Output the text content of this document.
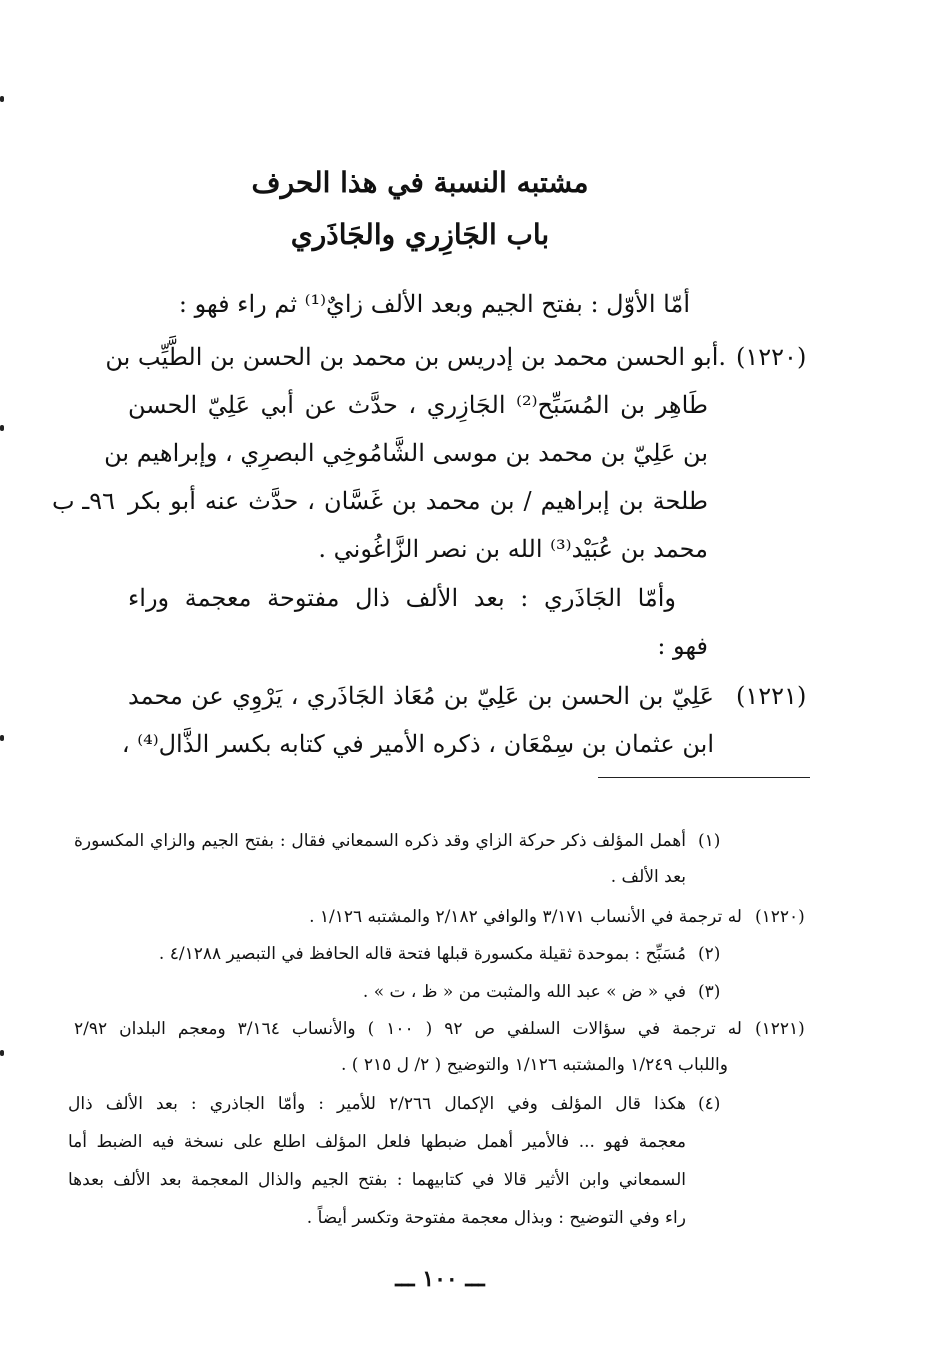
مشتبه النسبة في هذا الحرف
باب الجَازِري والجَاذَري
أمّا الأوّل : بفتح الجيم وبعد الألف زايٌ⁽¹⁾ ثم راء فهو :
(١٢٢٠)
.أبو الحسن محمد بن إدريس بن محمد بن الحسن بن الطَّيِّب بن
طَاهِر بن المُسَبِّح⁽²⁾ الجَازِري ، حدَّث عن أبي عَلِيّ الحسن
بن عَلِيّ بن محمد بن موسى الشَّامُوخِي البصرِي ، وإبراهيم بن
طلحة بن إبراهيم / بن محمد بن غَسَّان ، حدَّث عنه أبو بكر
٩٦ـ ب
محمد بن عُبَيْد⁽³⁾ الله بن نصر الزَّاغُوني .
وأمّا الجَاذَري : بعد الألف ذال مفتوحة معجمة وراء
فهو :
(١٢٢١)
عَلِيّ بن الحسن بن عَلِيّ بن مُعَاذ الجَاذَري ، يَرْوِي عن محمد
ابن عثمان بن سِمْعَان ، ذكره الأمير في كتابه بكسر الذَّال⁽⁴⁾ ،
(١)
أهمل المؤلف ذكر حركة الزاي وقد ذكره السمعاني فقال : بفتح الجيم والزاي المكسورة
بعد الألف .
(١٢٢٠)
له ترجمة في الأنساب ٣/١٧١ والوافي ٢/١٨٢ والمشتبه ١/١٢٦ .
(٢)
مُسَبِّح : بموحدة ثقيلة مكسورة قبلها فتحة قاله الحافظ في التبصير ٤/١٢٨٨ .
(٣)
في « ض » عبد الله والمثبت من « ظ ، ت » .
(١٢٢١)
له ترجمة في سؤالات السلفي ص ٩٢ ( ١٠٠ ) والأنساب ٣/١٦٤ ومعجم البلدان ٢/٩٢
واللباب ١/٢٤٩ والمشتبه ١/١٢٦ والتوضيح ( ٢/ ل ٢١٥ ) .
(٤)
هكذا قال المؤلف وفي الإكمال ٢/٢٦٦ للأمير : وأمّا الجاذري : بعد الألف ذال
معجمة فهو ... فالأمير أهمل ضبطها فلعل المؤلف اطلع على نسخة فيه الضبط أما
السمعاني وابن الأثير قالا في كتابيهما : بفتح الجيم والذال المعجمة بعد الألف بعدها
راء وفي التوضيح : وبذال معجمة مفتوحة وتكسر أيضاً .
ـــ ١٠٠ ـــ
